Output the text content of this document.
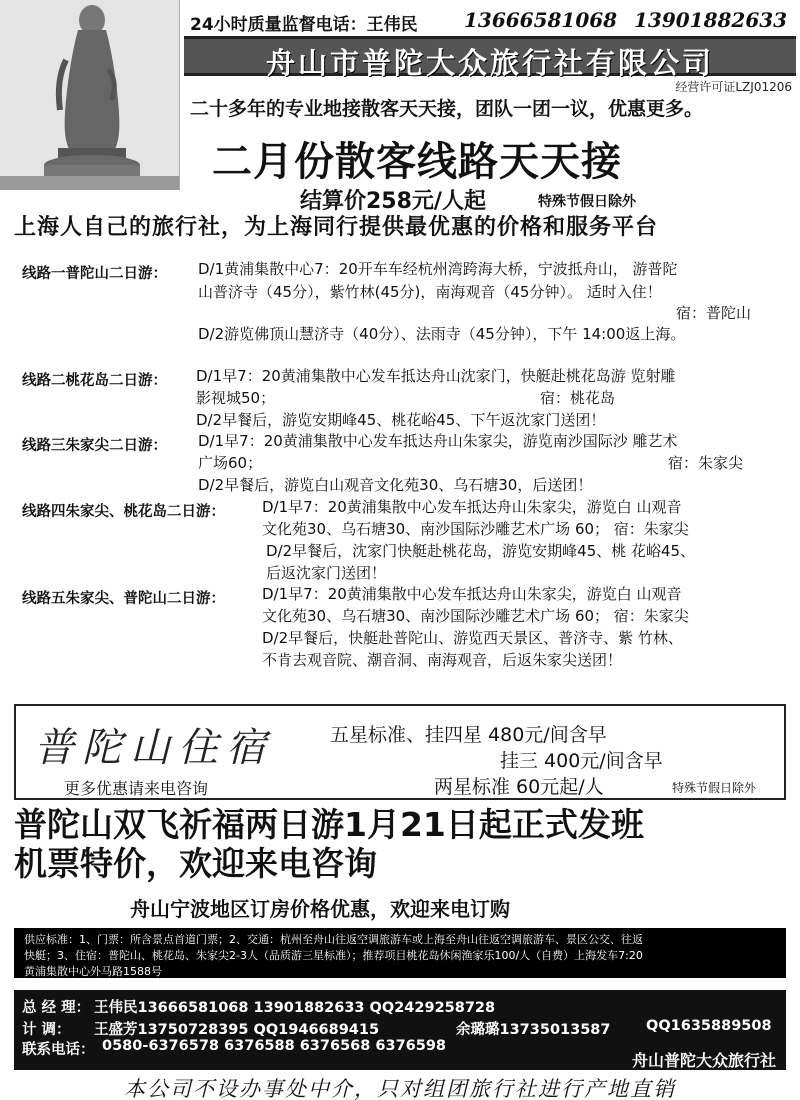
24小时质量监督电话：王伟民 13666581068 13901882633
舟山市普陀大众旅行社有限公司
经营许可证LZJ01206
二十多年的专业地接散客天天接，团队一团一议，优惠更多。
二月份散客线路天天接
结算价258元/人起	特殊节假日除外
上海人自己的旅行社，为上海同行提供最优惠的价格和服务平台
线路一普陀山二日游： D/1黄浦集散中心7：20开车车经杭州湾跨海大桥，宁波抵舟山， 游普陀
山普济寺（45分），紫竹林(45分)，南海观音（45分钟）。 适时入住！
宿：普陀山
D/2游览佛顶山慧济寺（40分）、法雨寺（45分钟），下午 14:00返上海。
线路二桃花岛二日游： D/1早7：20黄浦集散中心发车抵达舟山沈家门，快艇赴桃花岛游 览射雕
影视城50；	宿：桃花岛
D/2早餐后，游览安期峰45、桃花峪45、下午返沈家门送团！
线路三朱家尖二日游： D/1早7：20黄浦集散中心发车抵达舟山朱家尖，游览南沙国际沙 雕艺术
广场60；	宿：朱家尖
D/2早餐后，游览白山观音文化苑30、乌石塘30，后送团！
线路四朱家尖、桃花岛二日游： D/1早7：20黄浦集散中心发车抵达舟山朱家尖，游览白 山观音
文化苑30、乌石塘30、南沙国际沙雕艺术广场 60； 宿：朱家尖
D/2早餐后，沈家门快艇赴桃花岛，游览安期峰45、桃 花峪45、
后返沈家门送团！
线路五朱家尖、普陀山二日游： D/1早7：20黄浦集散中心发车抵达舟山朱家尖，游览白 山观音
文化苑30、乌石塘30、南沙国际沙雕艺术广场 60； 宿：朱家尖
D/2早餐后，快艇赴普陀山、游览西天景区、普济寺、紫 竹林、
不肯去观音院、潮音洞、南海观音，后返朱家尖送团！
普陀山住宿
更多优惠请来电咨询
五星标准、挂四星 480元/间含早
挂三 400元/间含早
两星标准 60元起/人	特殊节假日除外
普陀山双飞祈福两日游1月21日起正式发班
机票特价，欢迎来电咨询
舟山宁波地区订房价格优惠，欢迎来电订购
供应标准：1、门票：所含景点首道门票；2、交通：杭州至舟山往返空调旅游车或上海至舟山往返空调旅游车、景区公交、往返
快艇；3、住宿：普陀山、桃花岛、朱家尖2-3人（品质游三星标准）；推荐项目桃花岛休闲渔家乐100/人（自费）上海发车7:20
黄浦集散中心外马路1588号
总 经 理： 王伟民13666581068 13901882633 QQ2429258728
计 调： 王盛芳13750728395 QQ1946689415	余璐璐13735013587 QQ1635889508
联系电话： 0580-6376578 6376588 6376568 6376598
舟山普陀大众旅行社
本公司不设办事处中介，只对组团旅行社进行产地直销
